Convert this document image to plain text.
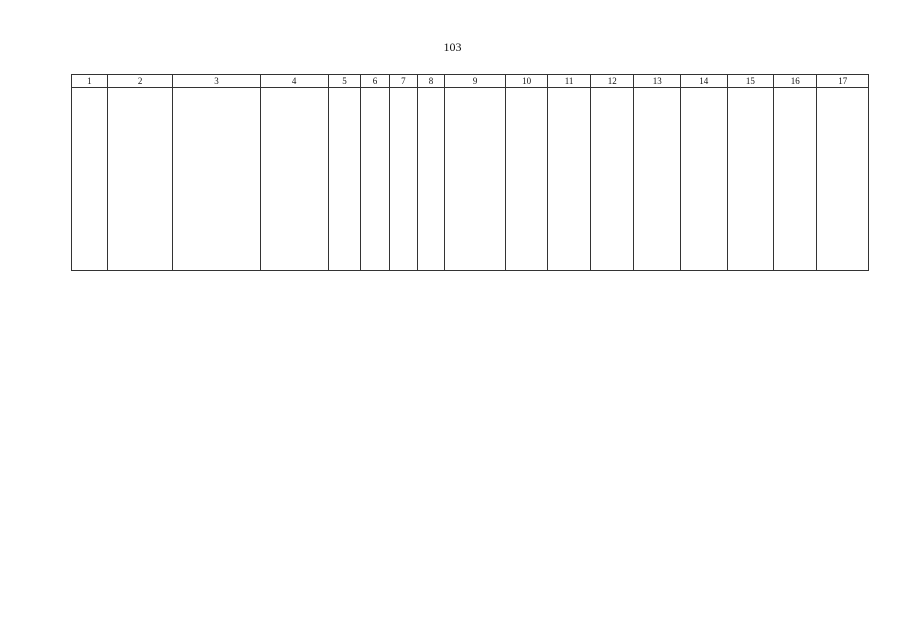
103
1	2	3	4	5	6	7	8	9	10	11	12	13	14	15	16	17
